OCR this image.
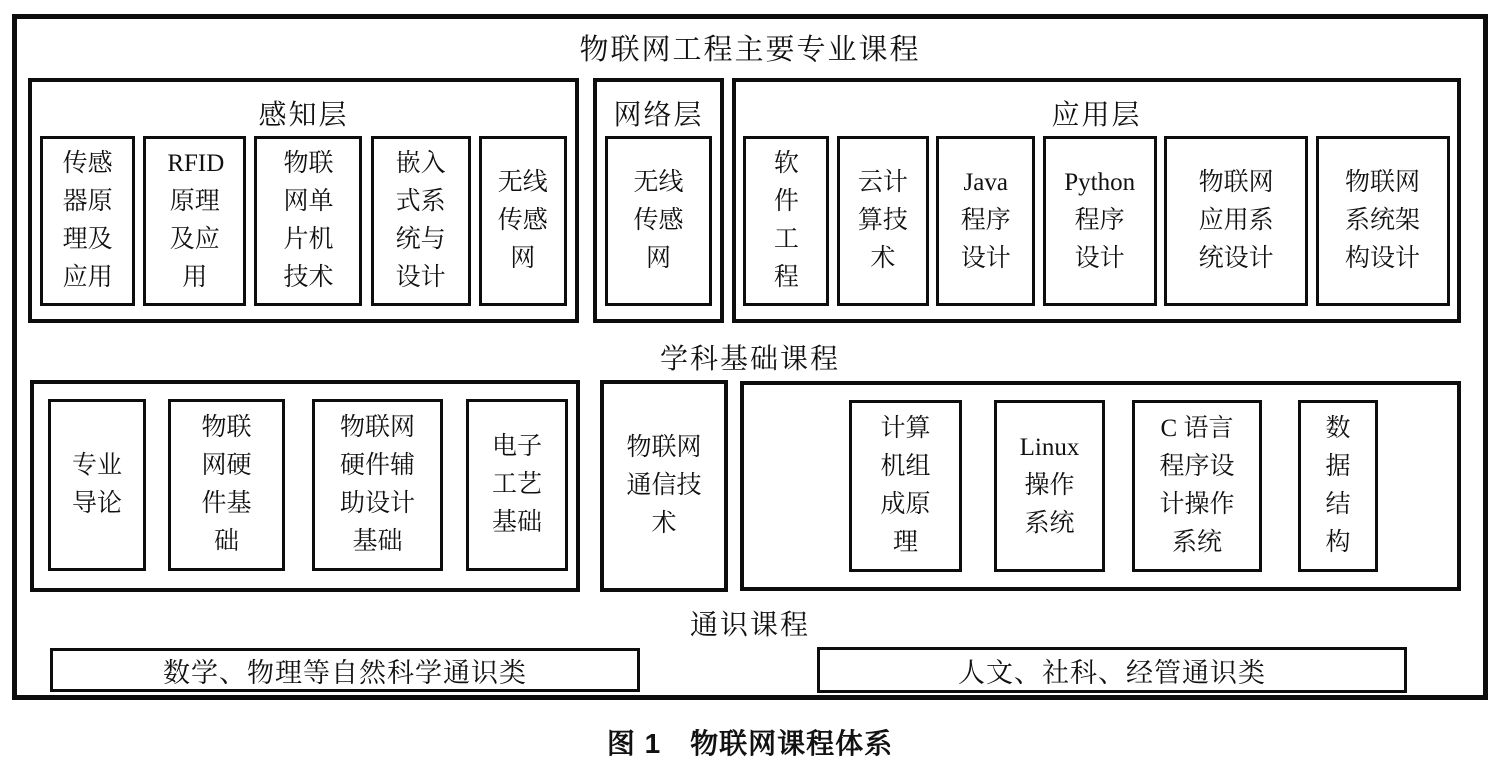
物联网工程主要专业课程
感知层
传感器原理及应用
RFID原理及应用
物联网单片机技术
嵌入式系统与设计
无线传感网
网络层
无线传感网
应用层
软件工程
云计算技术
Java程序设计
Python程序设计
物联网应用系统设计
物联网系统架构设计
学科基础课程
专业导论
物联网硬件基础
物联网硬件辅助设计基础
电子工艺基础
物联网通信技术
计算机组成原理
Linux操作系统
C 语言程序设计操作系统
数据结构
通识课程
数学、物理等自然科学通识类	人文、社科、经管通识类
图 1　物联网课程体系
